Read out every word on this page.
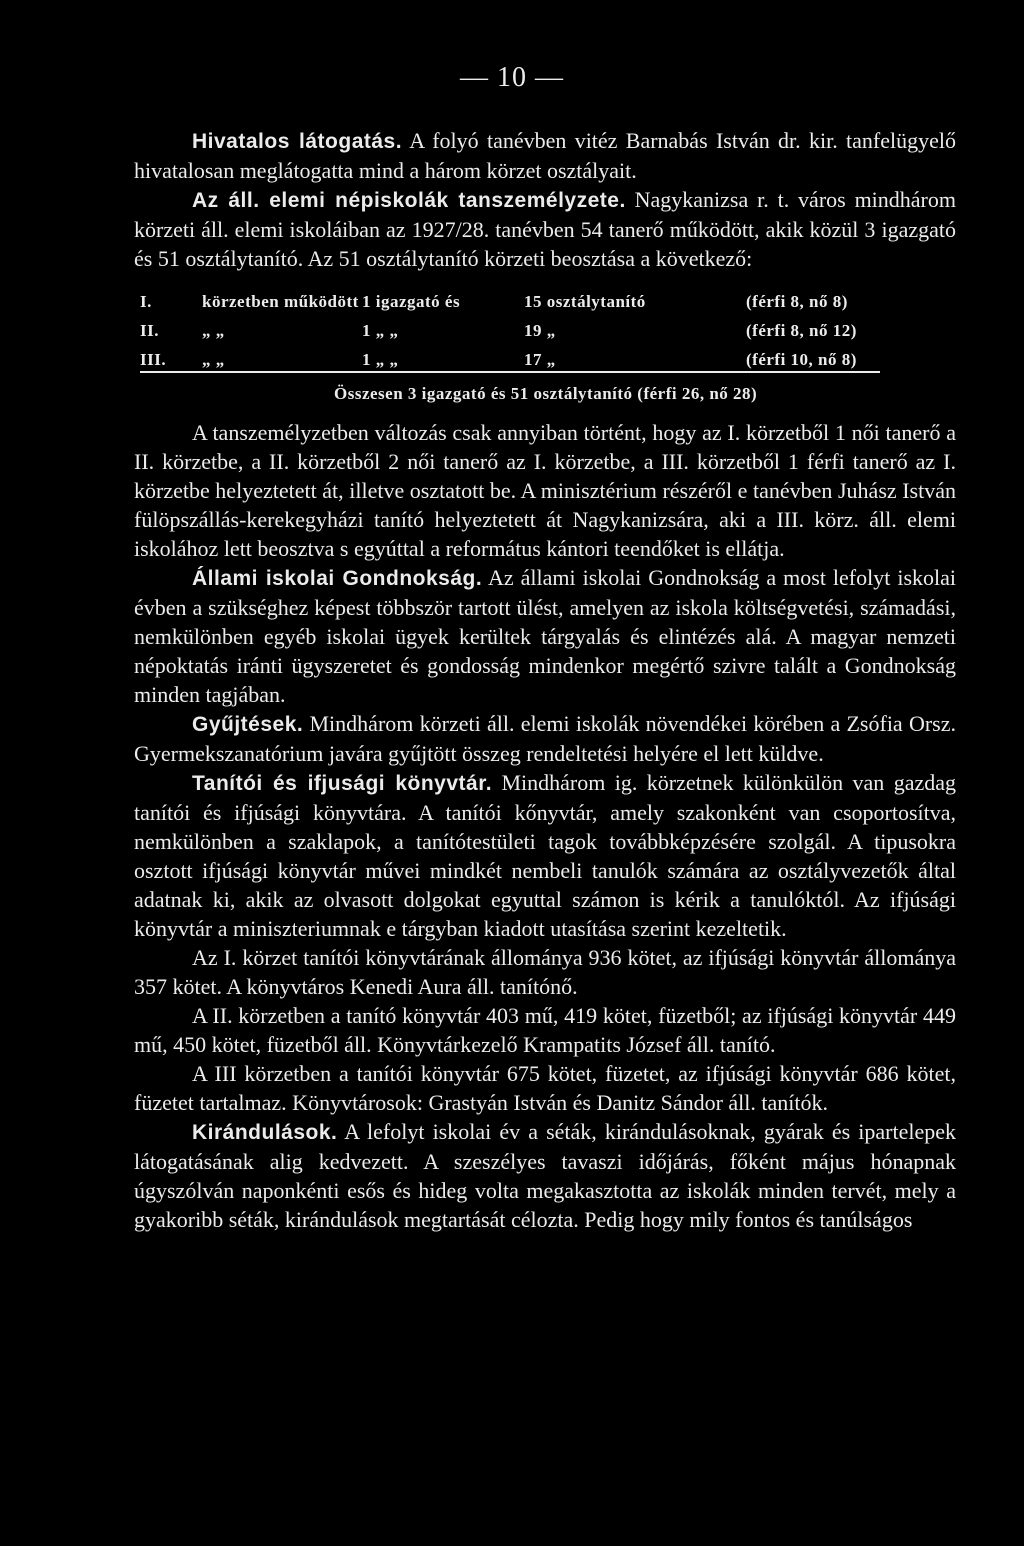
— 10 —

Hivatalos látogatás. A folyó tanévben vitéz Barnabás István dr. kir. tanfelügyelő hivatalosan meglátogatta mind a három körzet osztályait.

Az áll. elemi népiskolák tanszemélyzete. Nagykanizsa r. t. város mindhárom körzeti áll. elemi iskoláiban az 1927/28. tanévben 54 tanerő működött, akik közül 3 igazgató és 51 osztálytanító. Az 51 osztálytanító körzeti beosztása a következő:

I.	körzetben működött 1 igazgató és	15 osztálytanító	(férfi 8, nő 8)
II.	„ „	1 „ „	19 „	(férfi 8, nő 12)
III.	„ „	1 „ „	17 „	(férfi 10, nő 8)
Összesen 3 igazgató és 51 osztálytanító (férfi 26, nő 28)

A tanszemélyzetben változás csak annyiban történt, hogy az I. körzetből 1 női tanerő a II. körzetbe, a II. körzetből 2 női tanerő az I. körzetbe, a III. körzetből 1 férfi tanerő az I. körzetbe helyeztetett át, illetve osztatott be. A minisztérium részéről e tanévben Juhász István fülöpszállás-kerekegyházi tanító helyeztetett át Nagykanizsára, aki a III. körz. áll. elemi iskolához lett beosztva s egyúttal a református kántori teendőket is ellátja.

Állami iskolai Gondnokság. Az állami iskolai Gondnokság a most lefolyt iskolai évben a szükséghez képest többször tartott ülést, amelyen az iskola költségvetési, számadási, nemkülönben egyéb iskolai ügyek kerültek tárgyalás és elintézés alá. A magyar nemzeti népoktatás iránti ügyszeretet és gondosság mindenkor megértő szivre talált a Gondnokság minden tagjában.

Gyűjtések. Mindhárom körzeti áll. elemi iskolák növendékei körében a Zsófia Orsz. Gyermekszanatórium javára gyűjtött összeg rendeltetési helyére el lett küldve.

Tanítói és ifjusági könyvtár. Mindhárom ig. körzetnek különkülön van gazdag tanítói és ifjúsági könyvtára. A tanítói kőnyvtár, amely szakonként van csoportosítva, nemkülönben a szaklapok, a tanítótestületi tagok továbbképzésére szolgál. A tipusokra osztott ifjúsági könyvtár művei mindkét nembeli tanulók számára az osztályvezetők által adatnak ki, akik az olvasott dolgokat egyuttal számon is kérik a tanulóktól. Az ifjúsági könyvtár a miniszteriumnak e tárgyban kiadott utasítása szerint kezeltetik.

Az I. körzet tanítói könyvtárának állománya 936 kötet, az ifjúsági könyvtár állománya 357 kötet. A könyvtáros Kenedi Aura áll. tanítónő.

A II. körzetben a tanító könyvtár 403 mű, 419 kötet, füzetből; az ifjúsági könyvtár 449 mű, 450 kötet, füzetből áll. Könyvtárkezelő Krampatits József áll. tanító.

A III körzetben a tanítói könyvtár 675 kötet, füzetet, az ifjúsági könyvtár 686 kötet, füzetet tartalmaz. Könyvtárosok: Grastyán István és Danitz Sándor áll. tanítók.

Kirándulások. A lefolyt iskolai év a séták, kirándulásoknak, gyárak és ipartelepek látogatásának alig kedvezett. A szeszélyes tavaszi időjárás, főként május hónapnak úgyszólván naponkénti esős és hideg volta megakasztotta az iskolák minden tervét, mely a gyakoribb séták, kirándulások megtartását célozta. Pedig hogy mily fontos és tanúlságos
